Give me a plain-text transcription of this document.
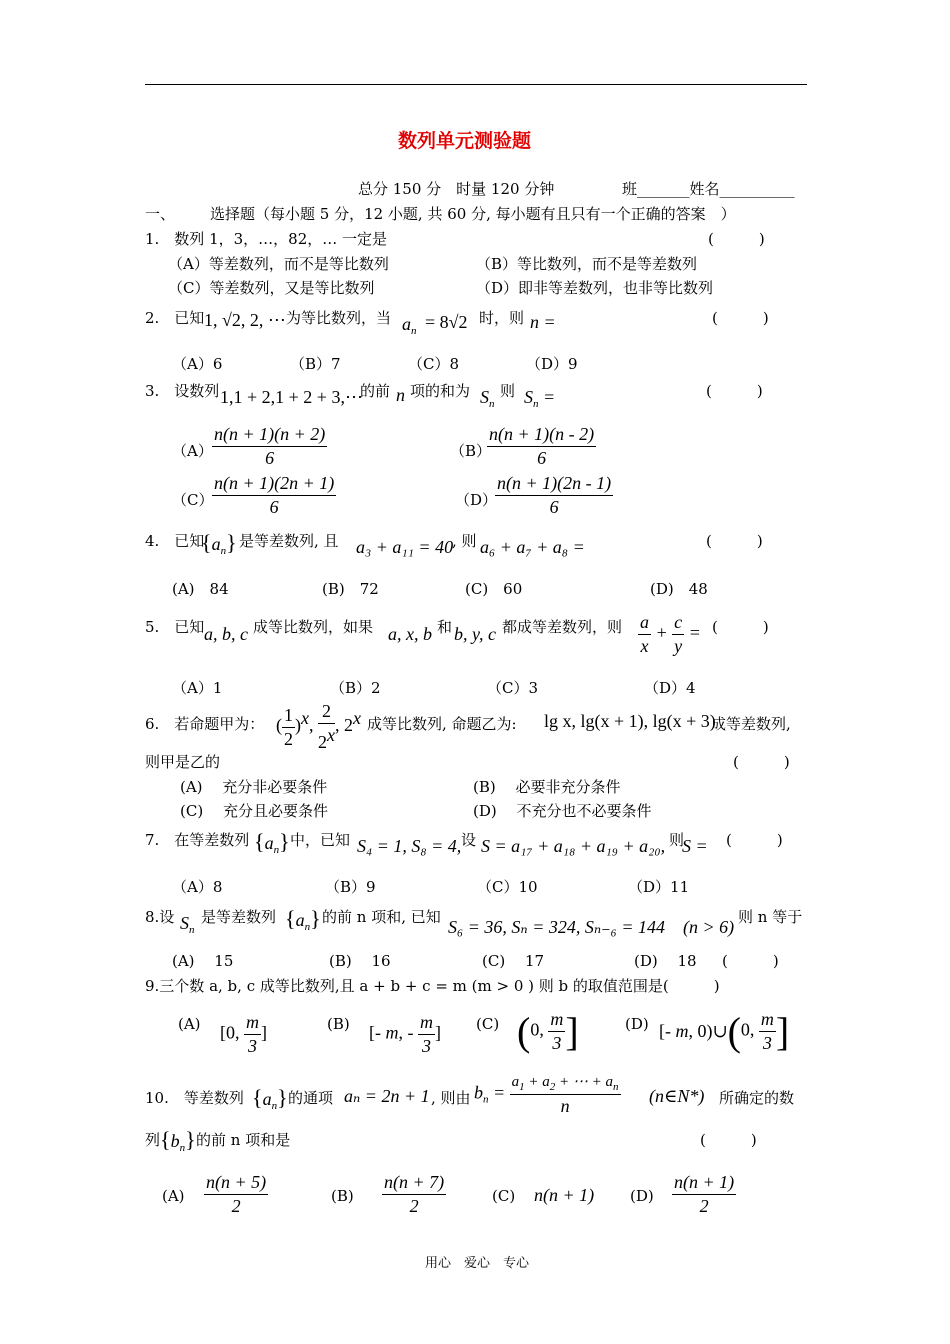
数列单元测验题
总分 150 分　时量 120 分钟	班_______姓名__________
一、 选择题（每小题 5 分，12 小题, 共 60 分, 每小题有且只有一个正确的答案　）
1.　数列 1，3，…，82，… 一定是	(　　　)
（A）等差数列，而不是等比数列	（B）等比数列，而不是等差数列
（C）等差数列，又是等比数列	（D）即非等差数列，也非等比数列
2.　已知 1, √2, 2, ⋯ 为等比数列，当 $a_n = 8√2$ 时，则 n =	(　　　)
（A）6	（B）7	（C）8	（D）9
3.　设数列 1,1 + 2,1 + 2 + 3,⋯
的前 n 项的和为 $S_n$
则 $S_n$ =	(　　　)
$(A) \frac{n(n + 1)(n + 2)}{6}$	（B）
$\frac{n(n + 1)(n - 2)}{6}$
（C）
$\frac{n(n + 1)(2n + 1)}{6}$	（D）
$\frac{n(n + 1)(2n - 1)}{6}$
4.　已知
$\{a_n\}$ 是等差数列, 且 a₃ + a₁₁ = 40
, 则 a₆ + a₇ + a₈ =	(　　　)
(A)　84	(B)　72	(C)　60	(D)　48
5.　已知 a, b, c 成等比数列，如果 a, x, b 和 b, y, c 都成等差数列，则 $\frac{a}{x} + \frac{c}{y}$ = (　　　)
（A）1	（B）2	（C）3	（D）4
6.　若命题甲为： ( $\frac{1}{2} )^x$, $\frac{2}{2^x}$ , 2$^x$ 成等比数列, 命题乙为: lg x, lg(x + 1), lg(x + 3)
成等差数列,
则甲是乙的	(　　　)
(A)　 充分非必要条件	(B)　 必要非充分条件
(C)　 充分且必要条件	(D)　 不充分也不必要条件
7.　在等差数列 $\{a_n\}$ 中，已知 S₄ = 1, S₈ = 4, 设 S = a₁₇ + a₁₈ + a₁₉ + a₂₀, 则
S = (　　　)
（A）8	（B）9	（C）10	（D）11
8.设 $S_n$
是等差数列 $\{a_n\}$ 的前 n 项和, 已知 S₆ = 36, Sₙ = 324, Sₙ₋₆ = 144　(n > 6) 则 n 等于
(A)　 15	(B)　 16	(C)　 17	(D)　 18 (　　　)
9.三个数 a, b, c 成等比数列,且 a + b + c = m (m > 0 ) 则 b 的取值范围是(　　　)
(A) [0, $\frac{m}{3}$ ]	(B) [- m, - $\frac{m}{3}$ ] (C) (0, $\frac{m}{3}$ ]	(D) [- m, 0)∪(0, $\frac{m}{3}$ ]
10.　等差数列 $\{a_n\}$ 的通项 aₙ = 2n + 1 , 则由 $b_n = \frac{a_1 + a_2 + \cdots + a_n}{n}$ (n∈N*) 所确定的数
列 $\{b_n\}$ 的前 n 项和是	(　　　)
$(A) \frac{n(n + 5)}{2}$	$(B) \frac{n(n + 7)}{2}$	(C) n(n + 1) $(D) \frac{n(n + 1)}{2}$
用心　爱心　专心
